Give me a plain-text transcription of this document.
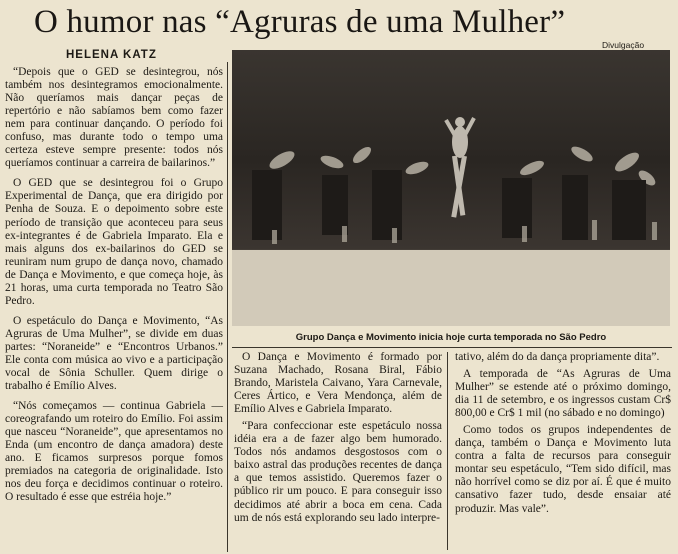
O humor nas “Agruras de uma Mulher”
HELENA KATZ
Divulgação

“Depois que o GED se desintegrou, nós também nos desintegramos emocionalmente. Não queríamos mais dançar peças de repertório e não sabíamos bem como fazer nem para continuar dançando. O período foi confuso, mas durante todo o tempo uma certeza esteve sempre presente: todos nós queríamos continuar a carreira de bailarinos.”

O GED que se desintegrou foi o Grupo Experimental de Dança, que era dirigido por Penha de Souza. E o depoimento sobre este período de transição que aconteceu para seus ex-integrantes é de Gabriela Imparato. Ela e mais alguns dos ex-bailarinos do GED se reuniram num grupo de dança novo, chamado de Dança e Movimento, e que começa hoje, às 21 horas, uma curta temporada no Teatro São Pedro.

O espetáculo do Dança e Movimento, “As Agruras de Uma Mulher”, se divide em duas partes: “Noraneide” e “Encontros Urbanos.” Ele conta com música ao vivo e a participação vocal de Sônia Schuller. Quem dirige o trabalho é Emílio Alves.

“Nós começamos — continua Gabriela — coreografando um roteiro do Emílio. Foi assim que nasceu “Noraneide”, que apresentamos no Enda (um encontro de dança amadora) deste ano. E ficamos surpresos porque fomos premiados na categoria de originalidade. Isto nos deu força e decidimos continuar o roteiro. O resultado é esse que estréia hoje.”

Grupo Dança e Movimento inicia hoje curta temporada no São Pedro

O Dança e Movimento é formado por Suzana Machado, Rosana Biral, Fábio Brando, Maristela Caivano, Yara Carnevale, Ceres Ártico, e Vera Mendonça, além de Emílio Alves e Gabriela Imparato.

“Para confeccionar este espetáculo nossa idéia era a de fazer algo bem humorado. Todos nós andamos desgostosos com o baixo astral das produções recentes de dança a que temos assistido. Queremos fazer o público rir um pouco. E para conseguir isso decidimos até abrir a boca em cena. Cada um de nós está explorando seu lado interpre-

tativo, além do da dança propriamente dita”.

A temporada de “As Agruras de Uma Mulher” se estende até o próximo domingo, dia 11 de setembro, e os ingressos custam Cr$ 800,00 e Cr$ 1 mil (no sábado e no domingo)

Como todos os grupos independentes de dança, também o Dança e Movimento luta contra a falta de recursos para conseguir montar seu espetáculo, “Tem sido difícil, mas não horrível como se diz por aí. É que é muito cansativo fazer tudo, desde ensaiar até produzir. Mas vale”.
